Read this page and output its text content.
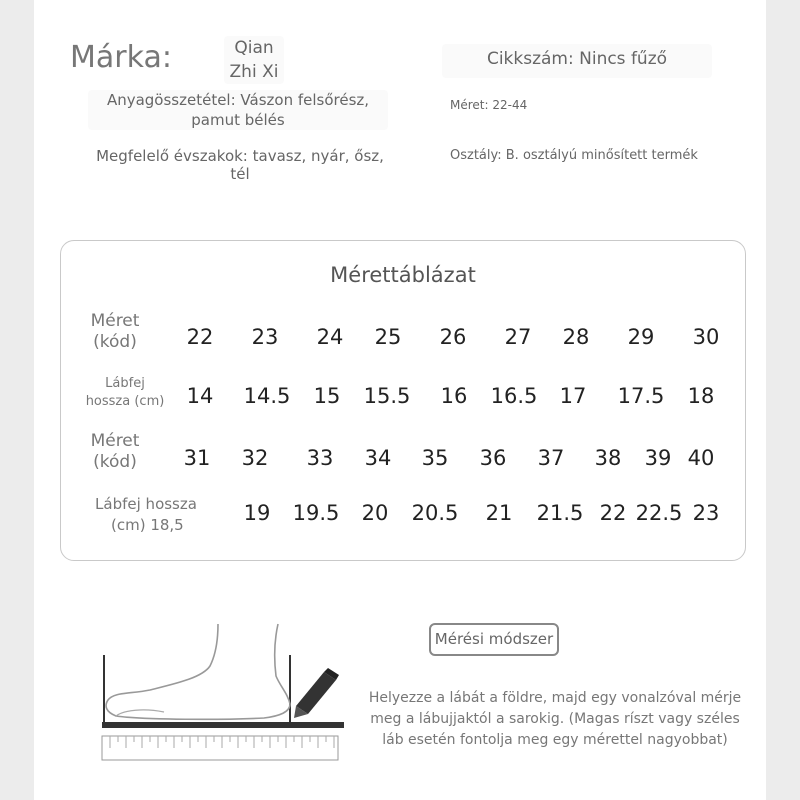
Márka:	Qian
Zhi Xi
Cikkszám: Nincs fűző
Anyagösszetétel: Vászon felsőrész,
pamut bélés
Méret: 22-44
Megfelelő évszakok: tavasz, nyár, ősz, tél
Osztály: B. osztályú minősített termék
Mérettáblázat
Méret
(kód)	22 23 24 25 26 27 28 29 30
Lábfej
hossza (cm)	14 14.5 15 15.5 16 16.5 17 17.5 18
Méret
(kód)	31 32 33 34 35 36 37 38 39 40
Lábfej hossza
(cm) 18,5	19 19.5 20 20.5 21 21.5 22 22.5 23
Mérési módszer
Helyezze a lábát a földre, majd egy vonalzóval mérje
meg a lábujjaktól a sarokig. (Magas ríszt vagy széles
láb esetén fontolja meg egy mérettel nagyobbat)
